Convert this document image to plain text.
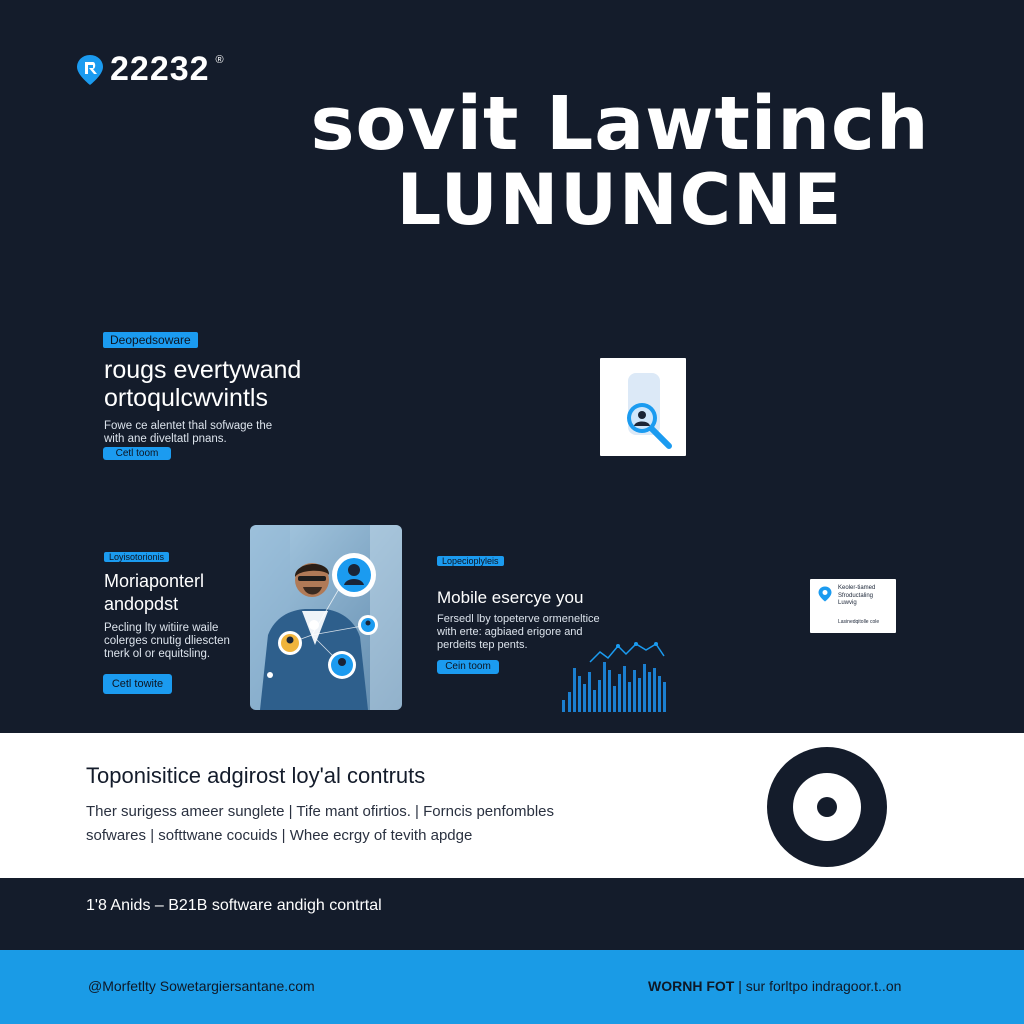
22232 ®
sovit Lawtinch
LUNUNCNE
Deopedsoware
rougs evertywand
ortoqulcwvintls
Fowe ce alentet thal sofwage the
with ane diveltatl pnans.
Cetl toom
Loyisotorionis
Moriaponterl
andopdst
Pecling lty witiire waile
colerges cnutig dliescten
tnerk ol or equitsling.
Cetl towite
Lopecioplyleis
Mobile esercye you
Fersedl lby topeterve ormeneltice
with erte: agbiaed erigore and
perdeits tep pents.
Cein toom
Keoler-tiamed
Sfroductaling
Luwvig
Lasinedqitolle cole
Toponisitice adgirost loy'al contruts
Ther surigess ameer sunglete | Tife mant ofirtios. | Forncis penfombles
sofwares | softtwane cocuids | Whee ecrgy of tevith apdge
1'8 Anids – B21B software andigh contrtal
@Morfetlty Sowetargiersantane.com	WORNH FOT | sur forltpo indragoor.t..on
